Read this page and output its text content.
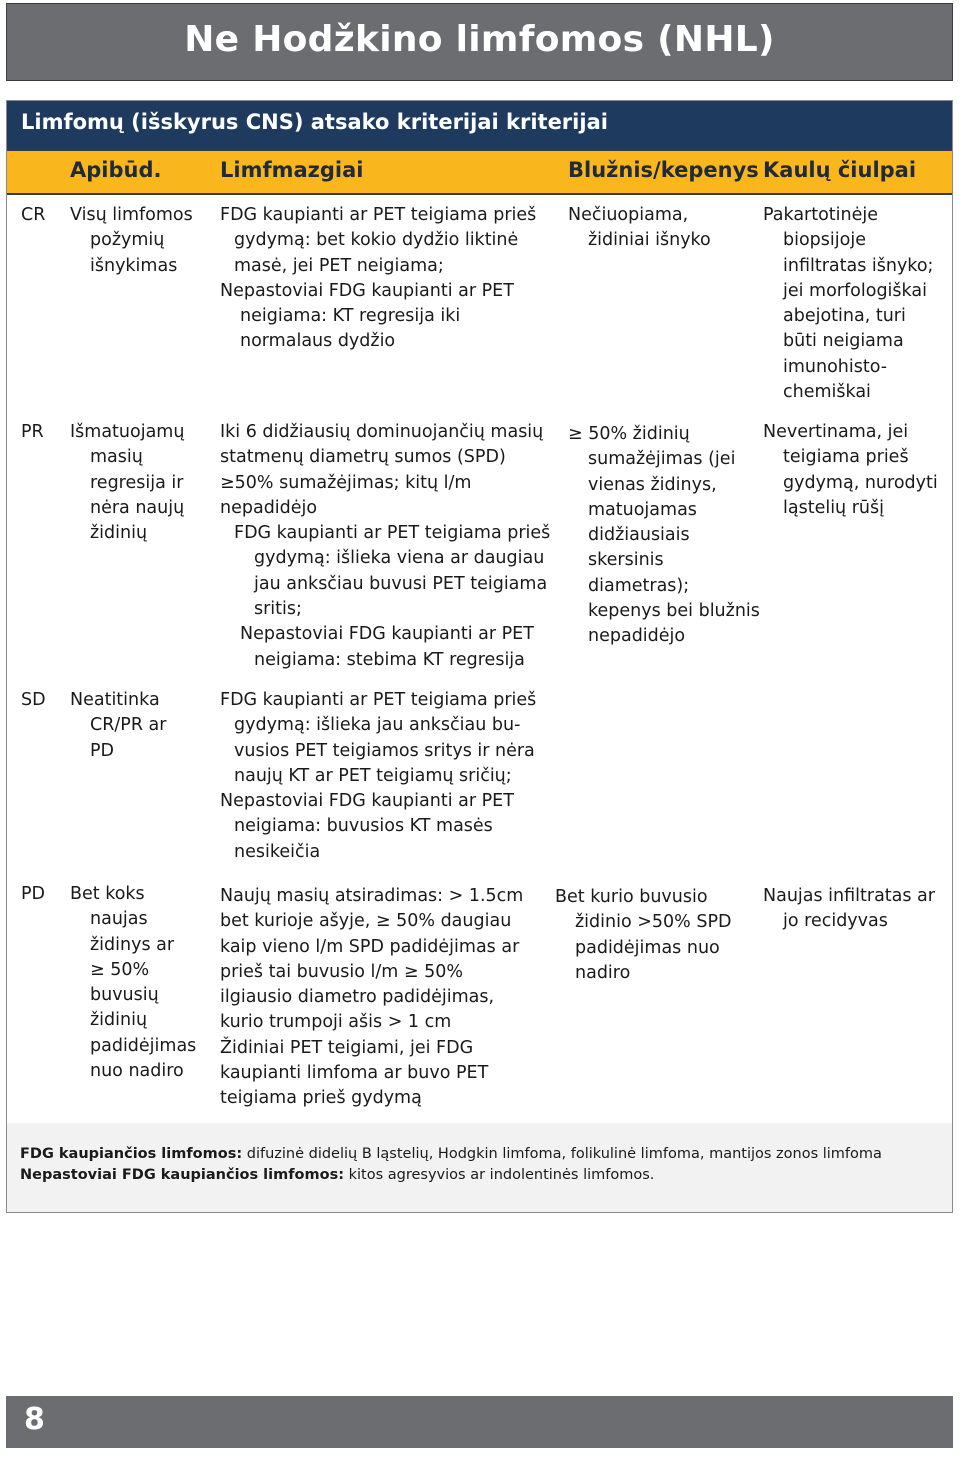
Ne Hodžkino limfomos (NHL)
Limfomų (išskyrus CNS) atsako kriterijai kriterijai
Apibūd.	Limfmazgiai	Blužnis/kepenys Kaulų čiulpai
CR Visų limfomos
požymių
išnykimas
FDG kaupianti ar PET teigiama prieš
gydymą: bet kokio dydžio liktinė
masė, jei PET neigiama;
Nepastoviai FDG kaupianti ar PET
neigiama: KT regresija iki
normalaus dydžio
Nečiuopiama,
židiniai išnyko
Pakartotinėje
biopsijoje
infiltratas išnyko;
jei morfologiškai
abejotina, turi
būti neigiama
imunohisto-
chemiškai
PR Išmatuojamų
masių
regresija ir
nėra naujų
židinių
Iki 6 didžiausių dominuojančių masių
statmenų diametrų sumos (SPD)
≥50% sumažėjimas; kitų l/m
nepadidėjo
FDG kaupianti ar PET teigiama prieš
gydymą: išlieka viena ar daugiau
jau anksčiau buvusi PET teigiama
sritis;
Nepastoviai FDG kaupianti ar PET
neigiama: stebima KT regresija
≥ 50% židinių
sumažėjimas (jei
vienas židinys,
matuojamas
didžiausiais
skersinis
diametras);
kepenys bei blužnis
nepadidėjo
Nevertinama, jei
teigiama prieš
gydymą, nurodyti
ląstelių rūšį
SD Neatitinka
CR/PR ar
PD
FDG kaupianti ar PET teigiama prieš
gydymą: išlieka jau anksčiau bu-
vusios PET teigiamos sritys ir nėra
naujų KT ar PET teigiamų sričių;
Nepastoviai FDG kaupianti ar PET
neigiama: buvusios KT masės
nesikeičia
PD Bet koks
naujas
židinys ar
≥ 50%
buvusių
židinių
padidėjimas
nuo nadiro
Naujų masių atsiradimas: > 1.5cm
bet kurioje ašyje, ≥ 50% daugiau
kaip vieno l/m SPD padidėjimas ar
prieš tai buvusio l/m ≥ 50%
ilgiausio diametro padidėjimas,
kurio trumpoji ašis > 1 cm
Židiniai PET teigiami, jei FDG
kaupianti limfoma ar buvo PET
teigiama prieš gydymą
Bet kurio buvusio
židinio >50% SPD
padidėjimas nuo
nadiro
Naujas infiltratas ar
jo recidyvas
FDG kaupiančios limfomos: difuzinė didelių B ląstelių, Hodgkin limfoma, folikulinė limfoma, mantijos zonos limfoma
Nepastoviai FDG kaupiančios limfomos: kitos agresyvios ar indolentinės limfomos.
8
